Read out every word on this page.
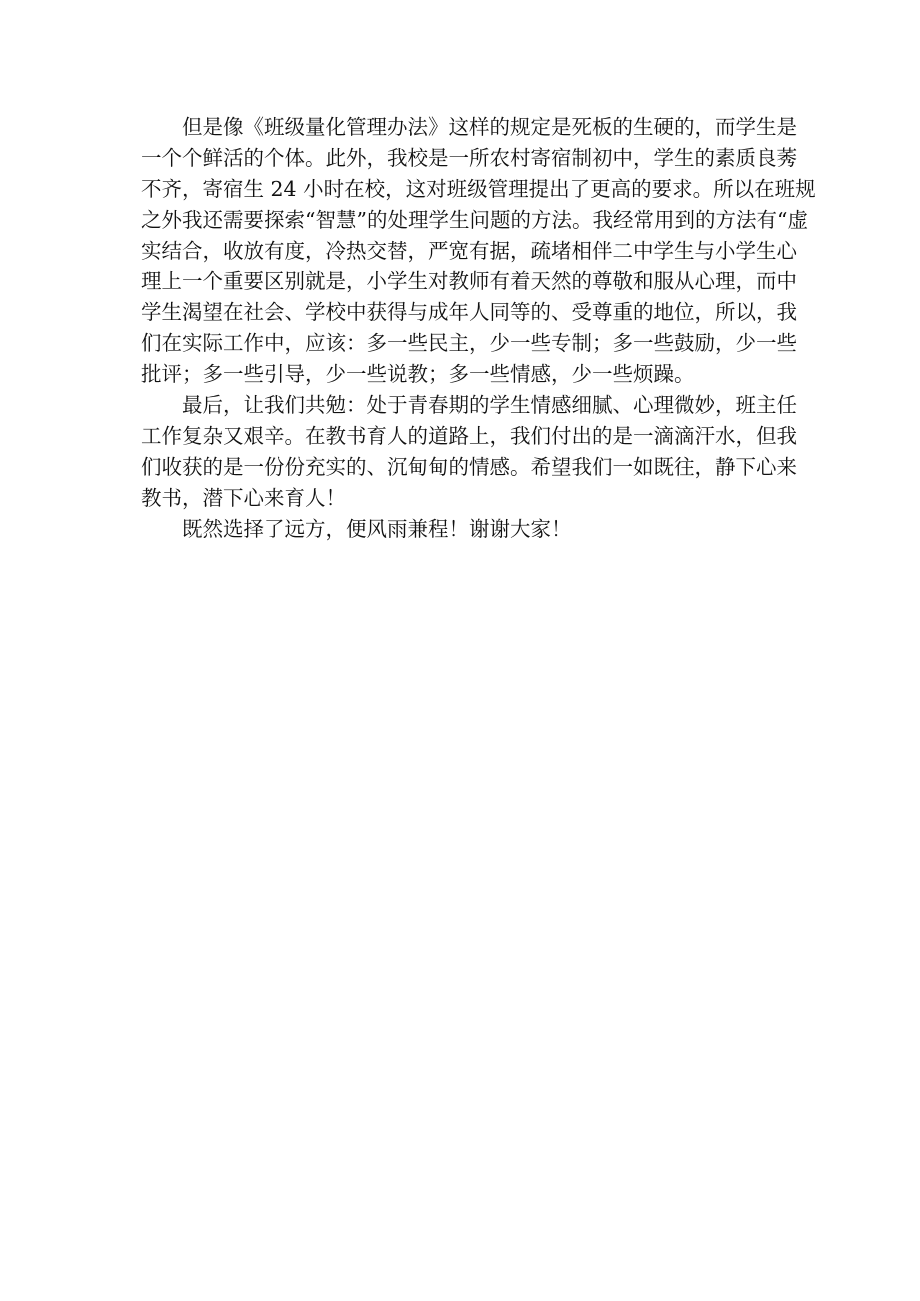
但是像《班级量化管理办法》这样的规定是死板的生硬的，而学生是
一个个鲜活的个体。此外，我校是一所农村寄宿制初中，学生的素质良莠
不齐，寄宿生 24 小时在校，这对班级管理提出了更高的要求。所以在班规
之外我还需要探索“智慧”的处理学生问题的方法。我经常用到的方法有“虚
实结合，收放有度，冷热交替，严宽有据，疏堵相伴二中学生与小学生心
理上一个重要区别就是，小学生对教师有着天然的尊敬和服从心理，而中
学生渴望在社会、学校中获得与成年人同等的、受尊重的地位，所以，我
们在实际工作中，应该：多一些民主，少一些专制；多一些鼓励，少一些
批评；多一些引导，少一些说教；多一些情感，少一些烦躁。
最后，让我们共勉：处于青春期的学生情感细腻、心理微妙，班主任
工作复杂又艰辛。在教书育人的道路上，我们付出的是一滴滴汗水，但我
们收获的是一份份充实的、沉甸甸的情感。希望我们一如既往，静下心来
教书，潜下心来育人！
既然选择了远方，便风雨兼程！谢谢大家！
